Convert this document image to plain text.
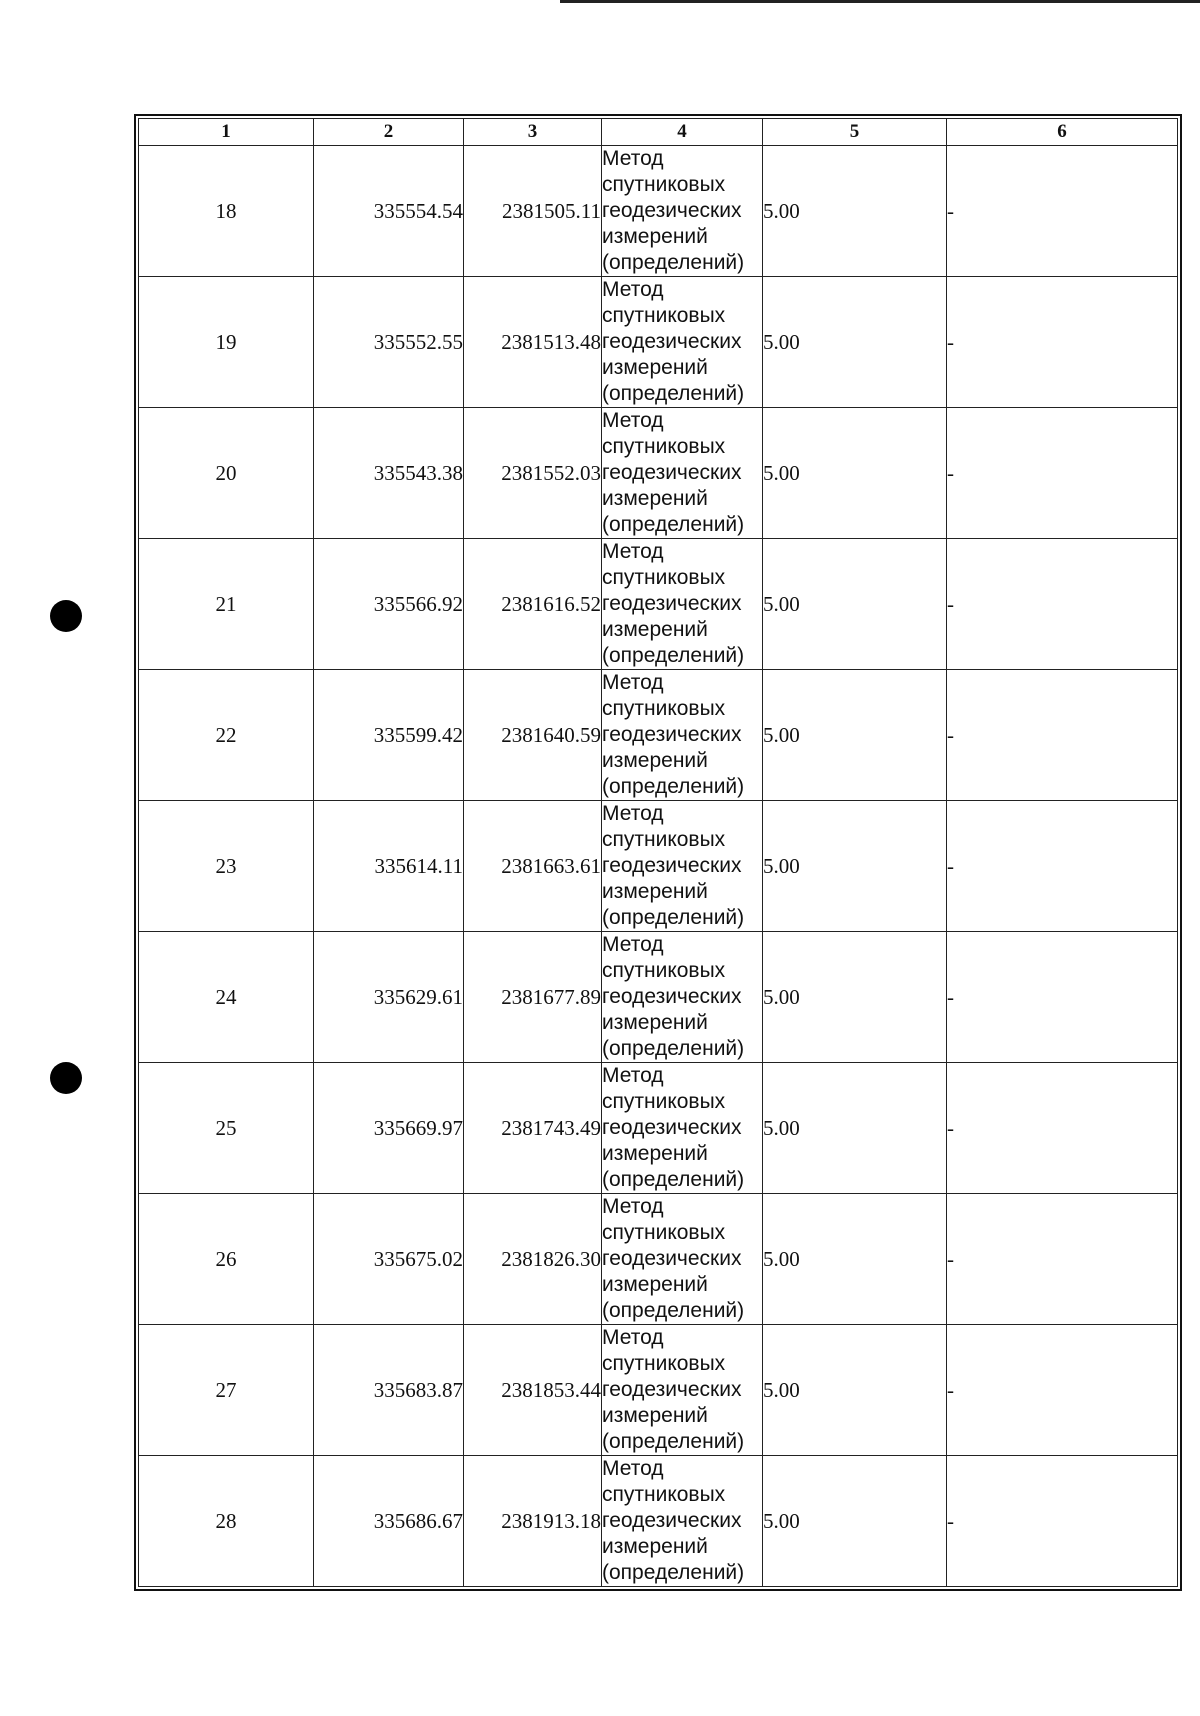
1	2	3	4	5	6
18	335554.54	2381505.11	Метод
спутниковых
геодезических
измерений
(определений)	5.00	-
19	335552.55	2381513.48	Метод
спутниковых
геодезических
измерений
(определений)	5.00	-
20	335543.38	2381552.03	Метод
спутниковых
геодезических
измерений
(определений)	5.00	-
21	335566.92	2381616.52	Метод
спутниковых
геодезических
измерений
(определений)	5.00	-
22	335599.42	2381640.59	Метод
спутниковых
геодезических
измерений
(определений)	5.00	-
23	335614.11	2381663.61	Метод
спутниковых
геодезических
измерений
(определений)	5.00	-
24	335629.61	2381677.89	Метод
спутниковых
геодезических
измерений
(определений)	5.00	-
25	335669.97	2381743.49	Метод
спутниковых
геодезических
измерений
(определений)	5.00	-
26	335675.02	2381826.30	Метод
спутниковых
геодезических
измерений
(определений)	5.00	-
27	335683.87	2381853.44	Метод
спутниковых
геодезических
измерений
(определений)	5.00	-
28	335686.67	2381913.18	Метод
спутниковых
геодезических
измерений
(определений)	5.00	-
